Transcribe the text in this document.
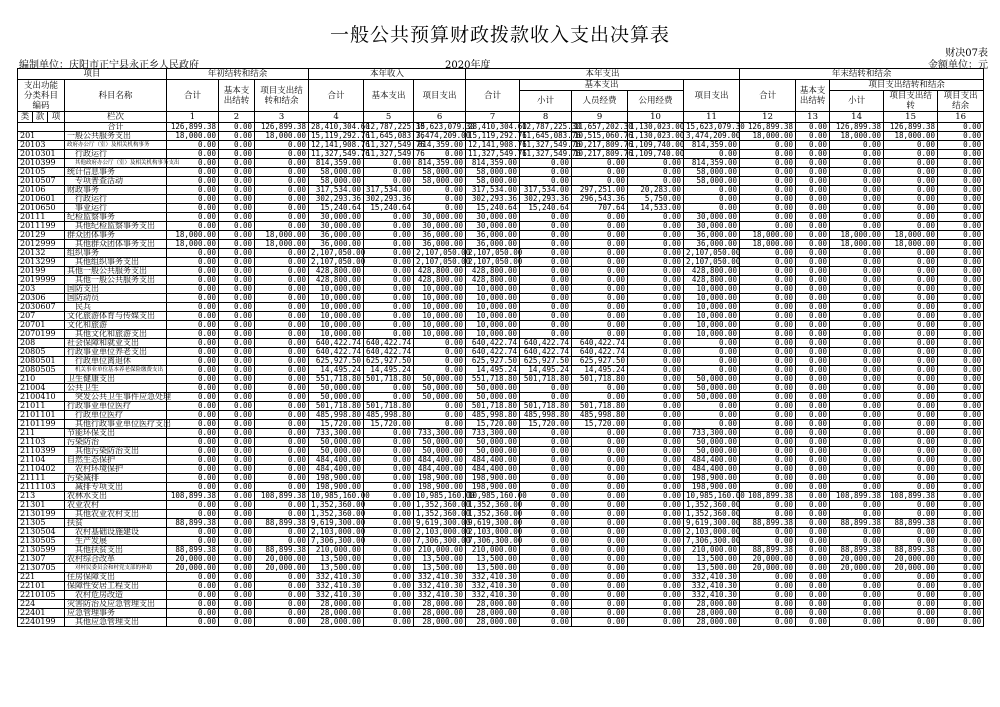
一般公共预算财政拨款收入支出决算表
财决07表
编制单位：庆阳市正宁县永正乡人民政府	2020年度	金额单位：元
项目				年初结转和结余			本年收入			本年支出					年末结转和结余				
支出功能分类科目编码			科目名称	合计	基本支出结转	项目支出结转和结余	合计	基本支出	项目支出	合计	基本支出			项目支出	合计	基本支出结转	项目支出结转和结余		
											小计	人员经费	公用经费				小计	项目支出结转	项目支出结余
类	款	项	栏次	1	2	3	4	5	6	7	8	9	10	11	12	13	14	15	16
			合计	126,899.38	0.00	126,899.38	28,410,304.60	12,787,225.30	15,623,079.30	28,410,304.60	12,787,225.30	11,657,202.30	1,130,023.00	15,623,079.30	126,899.38	0.00	126,899.38	126,899.38	0.00
201			一般公共服务支出	18,000.00	0.00	18,000.00	15,119,292.76	11,645,083.76	3,474,209.00	15,119,292.76	11,645,083.76	10,515,060.76	1,130,023.00	3,474,209.00	18,000.00	0.00	18,000.00	18,000.00	0.00
20103			政府办公厅（室）及相关机构事务	0.00	0.00	0.00	12,141,908.76	11,327,549.76	814,359.00	12,141,908.76	11,327,549.76	10,217,809.76	1,109,740.00	814,359.00	0.00	0.00	0.00	0.00	0.00
2010301			行政运行	0.00	0.00	0.00	11,327,549.76	11,327,549.76	0.00	11,327,549.76	11,327,549.76	10,217,809.76	1,109,740.00	0.00	0.00	0.00	0.00	0.00	0.00
2010399			其他政府办公厅（室）及相关机构事务支出	0.00	0.00	0.00	814,359.00	0.00	814,359.00	814,359.00	0.00	0.00	0.00	814,359.00	0.00	0.00	0.00	0.00	0.00
20105			统计信息事务	0.00	0.00	0.00	58,000.00	0.00	58,000.00	58,000.00	0.00	0.00	0.00	58,000.00	0.00	0.00	0.00	0.00	0.00
2010507			专项普查活动	0.00	0.00	0.00	58,000.00	0.00	58,000.00	58,000.00	0.00	0.00	0.00	58,000.00	0.00	0.00	0.00	0.00	0.00
20106			财政事务	0.00	0.00	0.00	317,534.00	317,534.00	0.00	317,534.00	317,534.00	297,251.00	20,283.00	0.00	0.00	0.00	0.00	0.00	0.00
2010601			行政运行	0.00	0.00	0.00	302,293.36	302,293.36	0.00	302,293.36	302,293.36	296,543.36	5,750.00	0.00	0.00	0.00	0.00	0.00	0.00
2010650			事业运行	0.00	0.00	0.00	15,240.64	15,240.64	0.00	15,240.64	15,240.64	707.64	14,533.00	0.00	0.00	0.00	0.00	0.00	0.00
20111			纪检监察事务	0.00	0.00	0.00	30,000.00	0.00	30,000.00	30,000.00	0.00	0.00	0.00	30,000.00	0.00	0.00	0.00	0.00	0.00
2011199			其他纪检监察事务支出	0.00	0.00	0.00	30,000.00	0.00	30,000.00	30,000.00	0.00	0.00	0.00	30,000.00	0.00	0.00	0.00	0.00	0.00
20129			群众团体事务	18,000.00	0.00	18,000.00	36,000.00	0.00	36,000.00	36,000.00	0.00	0.00	0.00	36,000.00	18,000.00	0.00	18,000.00	18,000.00	0.00
2012999			其他群众团体事务支出	18,000.00	0.00	18,000.00	36,000.00	0.00	36,000.00	36,000.00	0.00	0.00	0.00	36,000.00	18,000.00	0.00	18,000.00	18,000.00	0.00
20132			组织事务	0.00	0.00	0.00	2,107,050.00	0.00	2,107,050.00	2,107,050.00	0.00	0.00	0.00	2,107,050.00	0.00	0.00	0.00	0.00	0.00
2013299			其他组织事务支出	0.00	0.00	0.00	2,107,050.00	0.00	2,107,050.00	2,107,050.00	0.00	0.00	0.00	2,107,050.00	0.00	0.00	0.00	0.00	0.00
20199			其他一般公共服务支出	0.00	0.00	0.00	428,800.00	0.00	428,800.00	428,800.00	0.00	0.00	0.00	428,800.00	0.00	0.00	0.00	0.00	0.00
2019999			其他一般公共服务支出	0.00	0.00	0.00	428,800.00	0.00	428,800.00	428,800.00	0.00	0.00	0.00	428,800.00	0.00	0.00	0.00	0.00	0.00
203			国防支出	0.00	0.00	0.00	10,000.00	0.00	10,000.00	10,000.00	0.00	0.00	0.00	10,000.00	0.00	0.00	0.00	0.00	0.00
20306			国防动员	0.00	0.00	0.00	10,000.00	0.00	10,000.00	10,000.00	0.00	0.00	0.00	10,000.00	0.00	0.00	0.00	0.00	0.00
2030607			民兵	0.00	0.00	0.00	10,000.00	0.00	10,000.00	10,000.00	0.00	0.00	0.00	10,000.00	0.00	0.00	0.00	0.00	0.00
207			文化旅游体育与传媒支出	0.00	0.00	0.00	10,000.00	0.00	10,000.00	10,000.00	0.00	0.00	0.00	10,000.00	0.00	0.00	0.00	0.00	0.00
20701			文化和旅游	0.00	0.00	0.00	10,000.00	0.00	10,000.00	10,000.00	0.00	0.00	0.00	10,000.00	0.00	0.00	0.00	0.00	0.00
2070199			其他文化和旅游支出	0.00	0.00	0.00	10,000.00	0.00	10,000.00	10,000.00	0.00	0.00	0.00	10,000.00	0.00	0.00	0.00	0.00	0.00
208			社会保障和就业支出	0.00	0.00	0.00	640,422.74	640,422.74	0.00	640,422.74	640,422.74	640,422.74	0.00	0.00	0.00	0.00	0.00	0.00	0.00
20805			行政事业单位养老支出	0.00	0.00	0.00	640,422.74	640,422.74	0.00	640,422.74	640,422.74	640,422.74	0.00	0.00	0.00	0.00	0.00	0.00	0.00
2080501			行政单位离退休	0.00	0.00	0.00	625,927.50	625,927.50	0.00	625,927.50	625,927.50	625,927.50	0.00	0.00	0.00	0.00	0.00	0.00	0.00
2080505			机关事业单位基本养老保险缴费支出	0.00	0.00	0.00	14,495.24	14,495.24	0.00	14,495.24	14,495.24	14,495.24	0.00	0.00	0.00	0.00	0.00	0.00	0.00
210			卫生健康支出	0.00	0.00	0.00	551,718.80	501,718.80	50,000.00	551,718.80	501,718.80	501,718.80	0.00	50,000.00	0.00	0.00	0.00	0.00	0.00
21004			公共卫生	0.00	0.00	0.00	50,000.00	0.00	50,000.00	50,000.00	0.00	0.00	0.00	50,000.00	0.00	0.00	0.00	0.00	0.00
2100410			突发公共卫生事件应急处理	0.00	0.00	0.00	50,000.00	0.00	50,000.00	50,000.00	0.00	0.00	0.00	50,000.00	0.00	0.00	0.00	0.00	0.00
21011			行政事业单位医疗	0.00	0.00	0.00	501,718.80	501,718.80	0.00	501,718.80	501,718.80	501,718.80	0.00	0.00	0.00	0.00	0.00	0.00	0.00
2101101			行政单位医疗	0.00	0.00	0.00	485,998.80	485,998.80	0.00	485,998.80	485,998.80	485,998.80	0.00	0.00	0.00	0.00	0.00	0.00	0.00
2101199			其他行政事业单位医疗支出	0.00	0.00	0.00	15,720.00	15,720.00	0.00	15,720.00	15,720.00	15,720.00	0.00	0.00	0.00	0.00	0.00	0.00	0.00
211			节能环保支出	0.00	0.00	0.00	733,300.00	0.00	733,300.00	733,300.00	0.00	0.00	0.00	733,300.00	0.00	0.00	0.00	0.00	0.00
21103			污染防治	0.00	0.00	0.00	50,000.00	0.00	50,000.00	50,000.00	0.00	0.00	0.00	50,000.00	0.00	0.00	0.00	0.00	0.00
2110399			其他污染防治支出	0.00	0.00	0.00	50,000.00	0.00	50,000.00	50,000.00	0.00	0.00	0.00	50,000.00	0.00	0.00	0.00	0.00	0.00
21104			自然生态保护	0.00	0.00	0.00	484,400.00	0.00	484,400.00	484,400.00	0.00	0.00	0.00	484,400.00	0.00	0.00	0.00	0.00	0.00
2110402			农村环境保护	0.00	0.00	0.00	484,400.00	0.00	484,400.00	484,400.00	0.00	0.00	0.00	484,400.00	0.00	0.00	0.00	0.00	0.00
21111			污染减排	0.00	0.00	0.00	198,900.00	0.00	198,900.00	198,900.00	0.00	0.00	0.00	198,900.00	0.00	0.00	0.00	0.00	0.00
2111103			减排专项支出	0.00	0.00	0.00	198,900.00	0.00	198,900.00	198,900.00	0.00	0.00	0.00	198,900.00	0.00	0.00	0.00	0.00	0.00
213			农林水支出	108,899.38	0.00	108,899.38	10,985,160.00	0.00	10,985,160.00	10,985,160.00	0.00	0.00	0.00	10,985,160.00	108,899.38	0.00	108,899.38	108,899.38	0.00
21301			农业农村	0.00	0.00	0.00	1,352,360.00	0.00	1,352,360.00	1,352,360.00	0.00	0.00	0.00	1,352,360.00	0.00	0.00	0.00	0.00	0.00
2130199			其他农业农村支出	0.00	0.00	0.00	1,352,360.00	0.00	1,352,360.00	1,352,360.00	0.00	0.00	0.00	1,352,360.00	0.00	0.00	0.00	0.00	0.00
21305			扶贫	88,899.38	0.00	88,899.38	9,619,300.00	0.00	9,619,300.00	9,619,300.00	0.00	0.00	0.00	9,619,300.00	88,899.38	0.00	88,899.38	88,899.38	0.00
2130504			农村基础设施建设	0.00	0.00	0.00	2,103,000.00	0.00	2,103,000.00	2,103,000.00	0.00	0.00	0.00	2,103,000.00	0.00	0.00	0.00	0.00	0.00
2130505			生产发展	0.00	0.00	0.00	7,306,300.00	0.00	7,306,300.00	7,306,300.00	0.00	0.00	0.00	7,306,300.00	0.00	0.00	0.00	0.00	0.00
2130599			其他扶贫支出	88,899.38	0.00	88,899.38	210,000.00	0.00	210,000.00	210,000.00	0.00	0.00	0.00	210,000.00	88,899.38	0.00	88,899.38	88,899.38	0.00
21307			农村综合改革	20,000.00	0.00	20,000.00	13,500.00	0.00	13,500.00	13,500.00	0.00	0.00	0.00	13,500.00	20,000.00	0.00	20,000.00	20,000.00	0.00
2130705			对村民委员会和村党支部的补助	20,000.00	0.00	20,000.00	13,500.00	0.00	13,500.00	13,500.00	0.00	0.00	0.00	13,500.00	20,000.00	0.00	20,000.00	20,000.00	0.00
221			住房保障支出	0.00	0.00	0.00	332,410.30	0.00	332,410.30	332,410.30	0.00	0.00	0.00	332,410.30	0.00	0.00	0.00	0.00	0.00
22101			保障性安居工程支出	0.00	0.00	0.00	332,410.30	0.00	332,410.30	332,410.30	0.00	0.00	0.00	332,410.30	0.00	0.00	0.00	0.00	0.00
2210105			农村危房改造	0.00	0.00	0.00	332,410.30	0.00	332,410.30	332,410.30	0.00	0.00	0.00	332,410.30	0.00	0.00	0.00	0.00	0.00
224			灾害防治及应急管理支出	0.00	0.00	0.00	28,000.00	0.00	28,000.00	28,000.00	0.00	0.00	0.00	28,000.00	0.00	0.00	0.00	0.00	0.00
22401			应急管理事务	0.00	0.00	0.00	28,000.00	0.00	28,000.00	28,000.00	0.00	0.00	0.00	28,000.00	0.00	0.00	0.00	0.00	0.00
2240199			其他应急管理支出	0.00	0.00	0.00	28,000.00	0.00	28,000.00	28,000.00	0.00	0.00	0.00	28,000.00	0.00	0.00	0.00	0.00	0.00
